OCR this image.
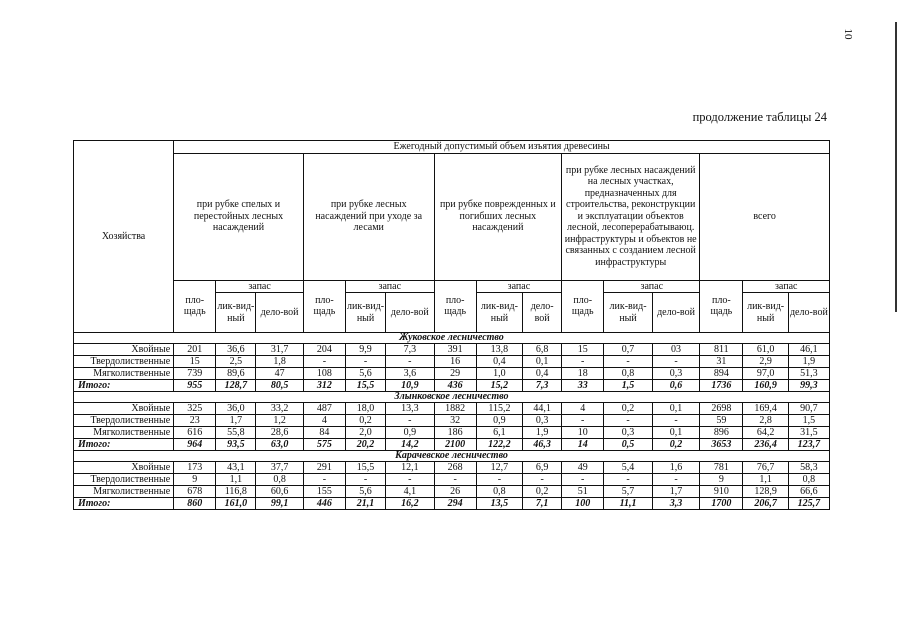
10
продолжение таблицы 24
Хозяйства	Ежегодный допустимый объем изъятия древесины														
	при рубке спелых и перестойных лесных насаждений			при рубке лесных насаждений при уходе за лесами			при рубке поврежденных и погибших лесных насаждений			при рубке лесных насаждений на лесных участках, предназначенных для строительства, реконструкции и эксплуатации объектов лесной, лесоперерабатываюц. инфраструктуры и объектов не связанных с созданием лесной инфраструктуры			всего		
	пло-щадь	запас		пло-щадь	запас		пло-щадь	запас		пло-щадь	запас		пло-щадь	запас	
		лик-вид-ный	дело-вой		лик-вид-ный	дело-вой		лик-вид-ный	дело-вой		лик-вид-ный	дело-вой		лик-вид-ный	дело-вой
Жуковское лесничество															
Хвойные	201	36,6	31,7	204	9,9	7,3	391	13,8	6,8	15	0,7	03	811	61,0	46,1
Твердолиственные	15	2,5	1,8	-	-	-	16	0,4	0,1	-	-	-	31	2,9	1,9
Мягколиственные	739	89,6	47	108	5,6	3,6	29	1,0	0,4	18	0,8	0,3	894	97,0	51,3
Итого:	955	128,7	80,5	312	15,5	10,9	436	15,2	7,3	33	1,5	0,6	1736	160,9	99,3
Злынковское лесничество															
Хвойные	325	36,0	33,2	487	18,0	13,3	1882	115,2	44,1	4	0,2	0,1	2698	169,4	90,7
Твердолиственные	23	1,7	1,2	4	0,2	-	32	0,9	0,3	-	-	-	59	2,8	1,5
Мягколиственные	616	55,8	28,6	84	2,0	0,9	186	6,1	1,9	10	0,3	0,1	896	64,2	31,5
Итого:	964	93,5	63,0	575	20,2	14,2	2100	122,2	46,3	14	0,5	0,2	3653	236,4	123,7
Карачевское лесничество															
Хвойные	173	43,1	37,7	291	15,5	12,1	268	12,7	6,9	49	5,4	1,6	781	76,7	58,3
Твердолиственные	9	1,1	0,8	-	-	-	-	-	-	-	-	-	9	1,1	0,8
Мягколиственные	678	116,8	60,6	155	5,6	4,1	26	0,8	0,2	51	5,7	1,7	910	128,9	66,6
Итого:	860	161,0	99,1	446	21,1	16,2	294	13,5	7,1	100	11,1	3,3	1700	206,7	125,7
